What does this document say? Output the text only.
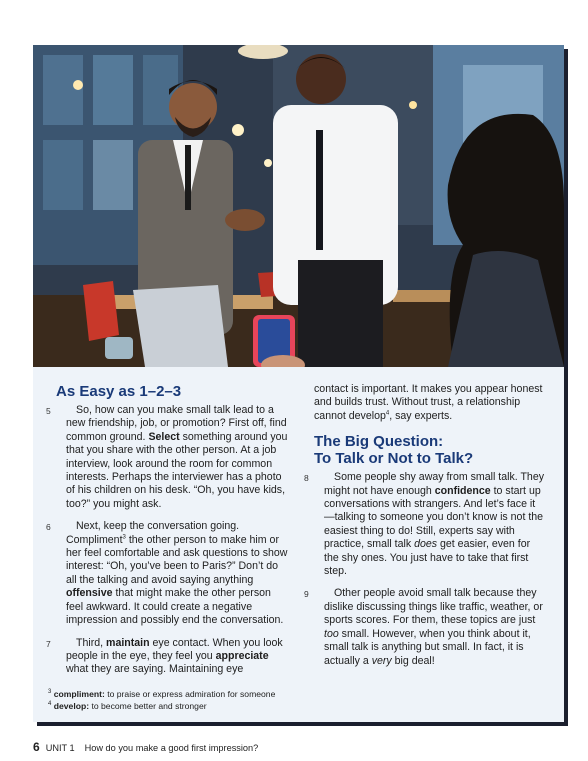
As Easy as 1–2–3
5 So, how can you make small talk lead to a new friendship, job, or promotion? First off, find common ground. Select something around you that you share with the other person. At a job interview, look around the room for common interests. Perhaps the interviewer has a photo of his children on his desk. “Oh, you have kids, too?” you might ask.
6 Next, keep the conversation going. Compliment$^3$ the other person to make him or her feel comfortable and ask questions to show interest: “Oh, you’ve been to Paris?” Don’t do all the talking and avoid saying anything offensive that might make the other person feel awkward. It could create a negative impression and possibly end the conversation.
7 Third, maintain eye contact. When you look people in the eye, they feel you appreciate what they are saying. Maintaining eye
contact is important. It makes you appear honest and builds trust. Without trust, a relationship cannot develop$^4$, say experts.
The Big Question:
To Talk or Not to Talk?
8 Some people shy away from small talk. They might not have enough confidence to start up conversations with strangers. And let’s face it—talking to someone you don’t know is not the easiest thing to do! Still, experts say with practice, small talk does get easier, even for the shy ones. You just have to take that first step.
9 Other people avoid small talk because they dislike discussing things like traffic, weather, or sports scores. For them, these topics are just too small. However, when you think about it, small talk is anything but small. In fact, it is actually a very big deal!
$^3$ compliment: to praise or express admiration for someone
$^4$ develop: to become better and stronger
6 UNIT 1 How do you make a good first impression?
